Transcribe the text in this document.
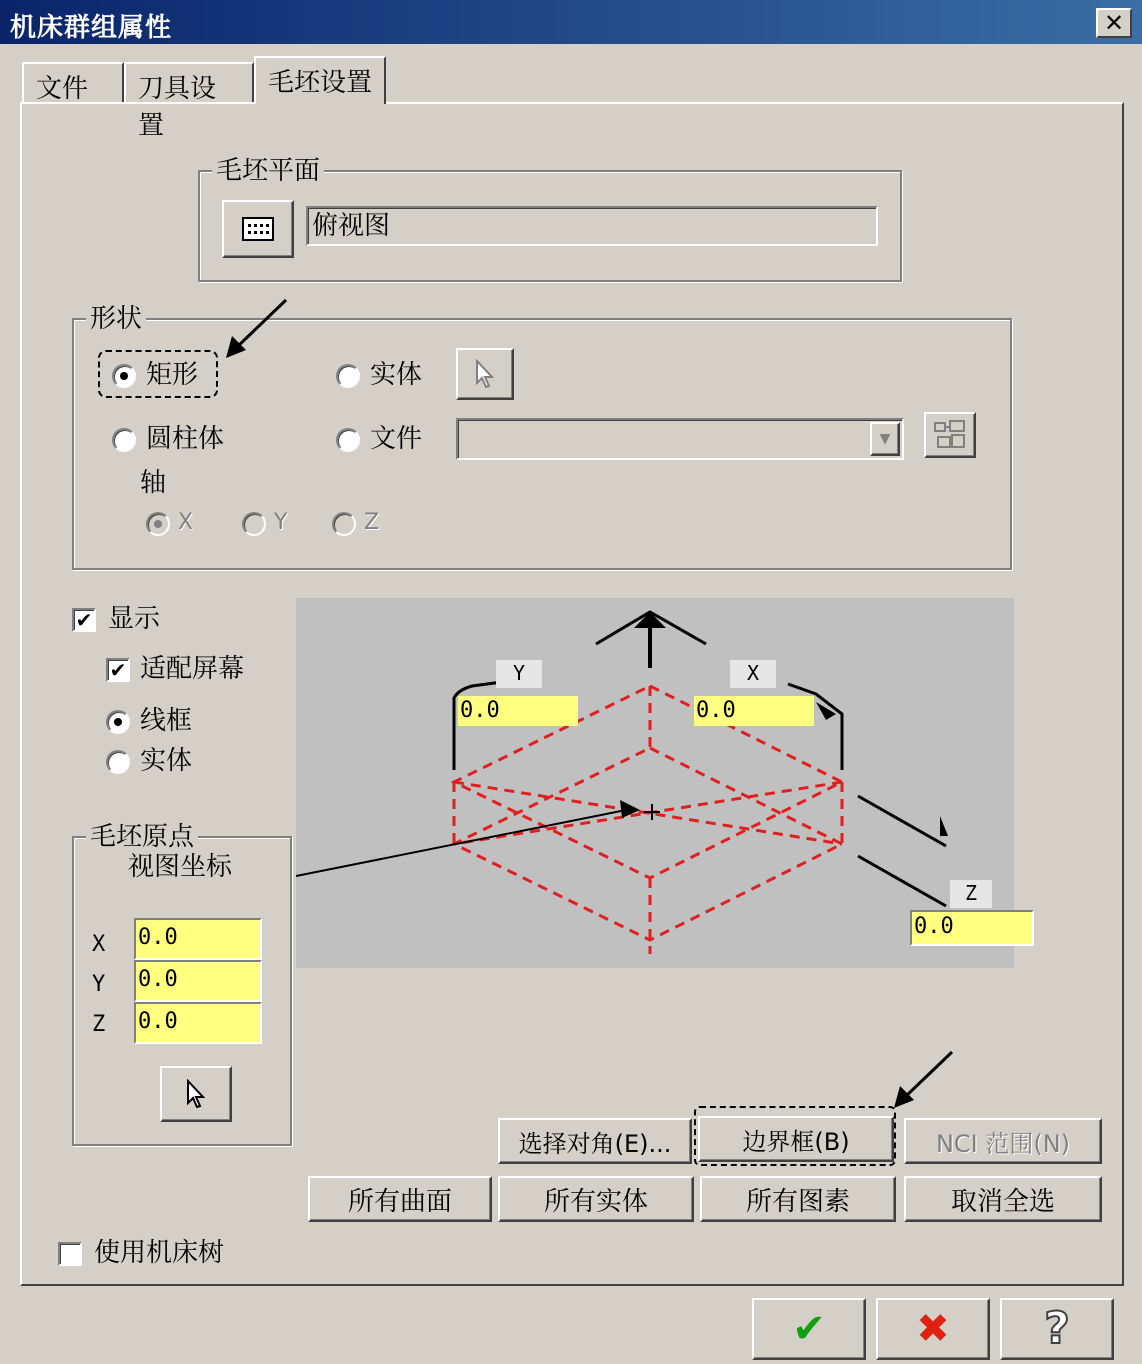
机床群组属性	✕
文件	刀具设置
毛坯设置
毛坯平面
俯视图
形状
矩形	实体
圆柱体	文件	▼
轴
X	Y	Z
✔ 显示
✔ 适配屏幕
线框
实体
毛坯原点
视图坐标
X 0.0
Y 0.0
Z 0.0
Y
0.0
X
0.0
Z
0.0
选择对角(E)...	边界框(B)	NCI 范围(N)
所有曲面	所有实体	所有图素	取消全选
使用机床树
✔ ✖ ?
